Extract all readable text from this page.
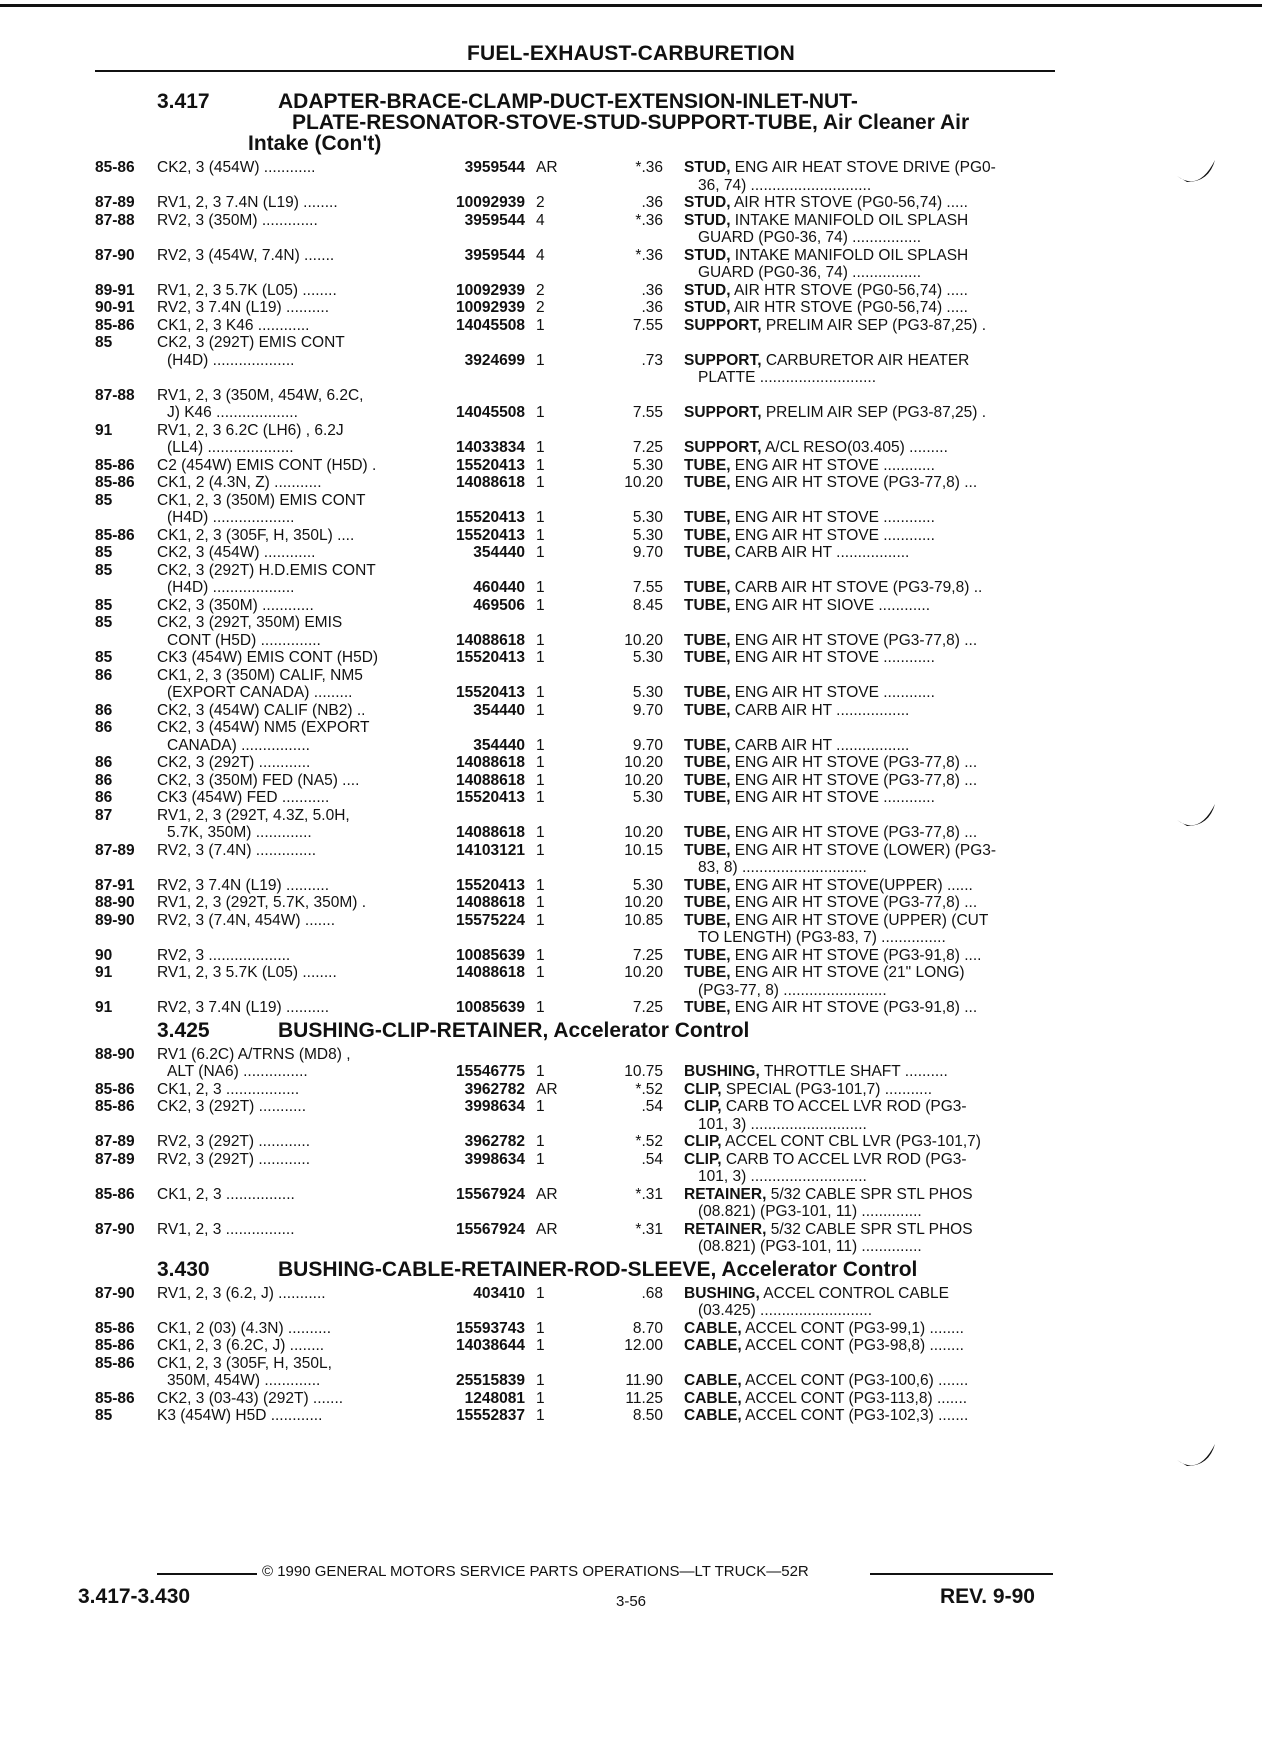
FUEL-EXHAUST-CARBURETION
3.417	ADAPTER-BRACE-CLAMP-DUCT-EXTENSION-INLET-NUT-
PLATE-RESONATOR-STOVE-STUD-SUPPORT-TUBE, Air Cleaner Air
Intake (Con't)
85-86	CK2, 3 (454W) ............	3959544 AR	*.36 STUD, ENG AIR HEAT STOVE DRIVE (PG0-
36, 74) ............................
87-89	RV1, 2, 3 7.4N (L19) ........	10092939 2	.36 STUD, AIR HTR STOVE (PG0-56,74) .....
87-88	RV2, 3 (350M) .............	3959544 4	*.36 STUD, INTAKE MANIFOLD OIL SPLASH
GUARD (PG0-36, 74) ................
87-90	RV2, 3 (454W, 7.4N) .......	3959544 4	*.36 STUD, INTAKE MANIFOLD OIL SPLASH
GUARD (PG0-36, 74) ................
89-91	RV1, 2, 3 5.7K (L05) ........	10092939 2	.36 STUD, AIR HTR STOVE (PG0-56,74) .....
90-91	RV2, 3 7.4N (L19) ..........	10092939 2	.36 STUD, AIR HTR STOVE (PG0-56,74) .....
85-86	CK1, 2, 3 K46 ............	14045508 1	7.55 SUPPORT, PRELIM AIR SEP (PG3-87,25) .
85	CK2, 3 (292T) EMIS CONT
(H4D) ...................	3924699 1	.73 SUPPORT, CARBURETOR AIR HEATER
PLATTE ...........................
87-88	RV1, 2, 3 (350M, 454W, 6.2C,
J) K46 ...................	14045508 1	7.55 SUPPORT, PRELIM AIR SEP (PG3-87,25) .
91	RV1, 2, 3 6.2C (LH6) , 6.2J
(LL4) ....................	14033834 1	7.25 SUPPORT, A/CL RESO(03.405) .........
85-86	C2 (454W) EMIS CONT (H5D) .	15520413 1	5.30 TUBE, ENG AIR HT STOVE ............
85-86	CK1, 2 (4.3N, Z) ...........	14088618 1	10.20 TUBE, ENG AIR HT STOVE (PG3-77,8) ...
85	CK1, 2, 3 (350M) EMIS CONT
(H4D) ...................	15520413 1	5.30 TUBE, ENG AIR HT STOVE ............
85-86	CK1, 2, 3 (305F, H, 350L) ....	15520413 1	5.30 TUBE, ENG AIR HT STOVE ............
85	CK2, 3 (454W) ............	354440 1	9.70 TUBE, CARB AIR HT .................
85	CK2, 3 (292T) H.D.EMIS CONT
(H4D) ...................	460440 1	7.55 TUBE, CARB AIR HT STOVE (PG3-79,8) ..
85	CK2, 3 (350M) ............	469506 1	8.45 TUBE, ENG AIR HT SIOVE ............
85	CK2, 3 (292T, 350M) EMIS
CONT (H5D) ..............	14088618 1	10.20 TUBE, ENG AIR HT STOVE (PG3-77,8) ...
85	CK3 (454W) EMIS CONT (H5D)	15520413 1	5.30 TUBE, ENG AIR HT STOVE ............
86	CK1, 2, 3 (350M) CALIF, NM5
(EXPORT CANADA) .........	15520413 1	5.30 TUBE, ENG AIR HT STOVE ............
86	CK2, 3 (454W) CALIF (NB2) ..	354440 1	9.70 TUBE, CARB AIR HT .................
86	CK2, 3 (454W) NM5 (EXPORT
CANADA) ................	354440 1	9.70 TUBE, CARB AIR HT .................
86	CK2, 3 (292T) ............	14088618 1	10.20 TUBE, ENG AIR HT STOVE (PG3-77,8) ...
86	CK2, 3 (350M) FED (NA5) ....	14088618 1	10.20 TUBE, ENG AIR HT STOVE (PG3-77,8) ...
86	CK3 (454W) FED ...........	15520413 1	5.30 TUBE, ENG AIR HT STOVE ............
87	RV1, 2, 3 (292T, 4.3Z, 5.0H,
5.7K, 350M) .............	14088618 1	10.20 TUBE, ENG AIR HT STOVE (PG3-77,8) ...
87-89	RV2, 3 (7.4N) ..............	14103121 1	10.15 TUBE, ENG AIR HT STOVE (LOWER) (PG3-
83, 8) .............................
87-91	RV2, 3 7.4N (L19) ..........	15520413 1	5.30 TUBE, ENG AIR HT STOVE(UPPER) ......
88-90	RV1, 2, 3 (292T, 5.7K, 350M) .	14088618 1	10.20 TUBE, ENG AIR HT STOVE (PG3-77,8) ...
89-90	RV2, 3 (7.4N, 454W) .......	15575224 1	10.85 TUBE, ENG AIR HT STOVE (UPPER) (CUT
TO LENGTH) (PG3-83, 7) ...............
90	RV2, 3 ...................	10085639 1	7.25 TUBE, ENG AIR HT STOVE (PG3-91,8) ....
91	RV1, 2, 3 5.7K (L05) ........	14088618 1	10.20 TUBE, ENG AIR HT STOVE (21" LONG)
(PG3-77, 8) ........................
91	RV2, 3 7.4N (L19) ..........	10085639 1	7.25 TUBE, ENG AIR HT STOVE (PG3-91,8) ...
3.425	BUSHING-CLIP-RETAINER, Accelerator Control
88-90	RV1 (6.2C) A/TRNS (MD8) ,
ALT (NA6) ...............	15546775 1	10.75 BUSHING, THROTTLE SHAFT ..........
85-86	CK1, 2, 3 .................	3962782 AR	*.52 CLIP, SPECIAL (PG3-101,7) ...........
85-86	CK2, 3 (292T) ...........	3998634 1	.54 CLIP, CARB TO ACCEL LVR ROD (PG3-
101, 3) ...........................
87-89	RV2, 3 (292T) ............	3962782 1	*.52 CLIP, ACCEL CONT CBL LVR (PG3-101,7)
87-89	RV2, 3 (292T) ............	3998634 1	.54 CLIP, CARB TO ACCEL LVR ROD (PG3-
101, 3) ...........................
85-86	CK1, 2, 3 ................	15567924 AR	*.31 RETAINER, 5/32 CABLE SPR STL PHOS
(08.821) (PG3-101, 11) ..............
87-90	RV1, 2, 3 ................	15567924 AR	*.31 RETAINER, 5/32 CABLE SPR STL PHOS
(08.821) (PG3-101, 11) ..............
3.430	BUSHING-CABLE-RETAINER-ROD-SLEEVE, Accelerator Control
87-90	RV1, 2, 3 (6.2, J) ...........	403410 1	.68 BUSHING, ACCEL CONTROL CABLE
(03.425) ..........................
85-86	CK1, 2 (03) (4.3N) ..........	15593743 1	8.70 CABLE, ACCEL CONT (PG3-99,1) ........
85-86	CK1, 2, 3 (6.2C, J) ........	14038644 1	12.00 CABLE, ACCEL CONT (PG3-98,8) ........
85-86	CK1, 2, 3 (305F, H, 350L,
350M, 454W) .............	25515839 1	11.90 CABLE, ACCEL CONT (PG3-100,6) .......
85-86	CK2, 3 (03-43) (292T) .......	1248081 1	11.25 CABLE, ACCEL CONT (PG3-113,8) .......
85	K3 (454W) H5D ............	15552837 1	8.50 CABLE, ACCEL CONT (PG3-102,3) .......
© 1990 GENERAL MOTORS SERVICE PARTS OPERATIONS—LT TRUCK—52R
3.417-3.430	3-56	REV. 9-90
